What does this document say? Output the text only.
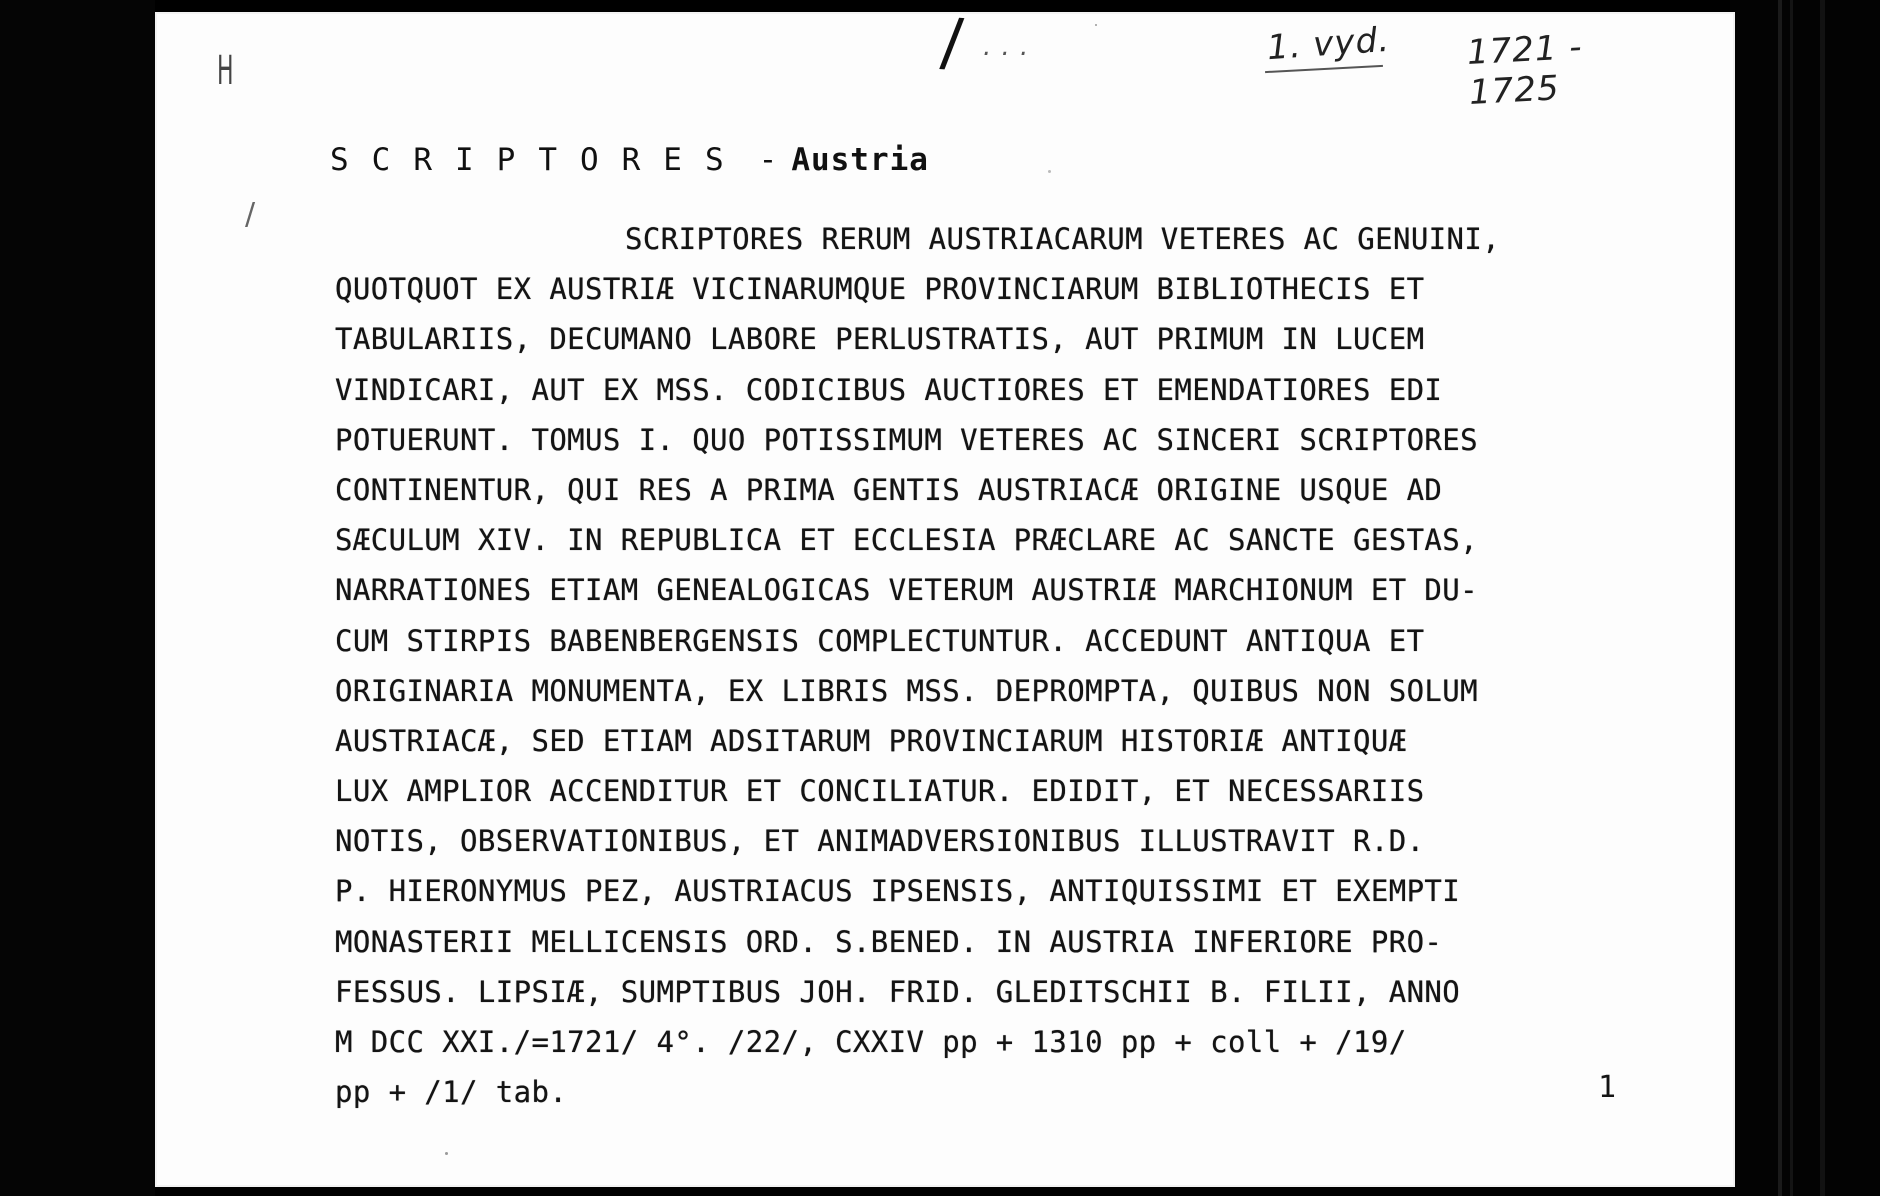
H
/
/ . . .	1. vyd. 1721 -
1725
SCRIPTORES - Austria
SCRIPTORES RERUM AUSTRIACARUM VETERES AC GENUINI,
QUOTQUOT EX AUSTRIÆ VICINARUMQUE PROVINCIARUM BIBLIOTHECIS ET
TABULARIIS, DECUMANO LABORE PERLUSTRATIS, AUT PRIMUM IN LUCEM
VINDICARI, AUT EX MSS. CODICIBUS AUCTIORES ET EMENDATIORES EDI
POTUERUNT. TOMUS I. QUO POTISSIMUM VETERES AC SINCERI SCRIPTORES
CONTINENTUR, QUI RES A PRIMA GENTIS AUSTRIACÆ ORIGINE USQUE AD
SÆCULUM XIV. IN REPUBLICA ET ECCLESIA PRÆCLARE AC SANCTE GESTAS,
NARRATIONES ETIAM GENEALOGICAS VETERUM AUSTRIÆ MARCHIONUM ET DU-
CUM STIRPIS BABENBERGENSIS COMPLECTUNTUR. ACCEDUNT ANTIQUA ET
ORIGINARIA MONUMENTA, EX LIBRIS MSS. DEPROMPTA, QUIBUS NON SOLUM
AUSTRIACÆ, SED ETIAM ADSITARUM PROVINCIARUM HISTORIÆ ANTIQUÆ
LUX AMPLIOR ACCENDITUR ET CONCILIATUR. EDIDIT, ET NECESSARIIS
NOTIS, OBSERVATIONIBUS, ET ANIMADVERSIONIBUS ILLUSTRAVIT R.D.
P. HIERONYMUS PEZ, AUSTRIACUS IPSENSIS, ANTIQUISSIMI ET EXEMPTI
MONASTERII MELLICENSIS ORD. S.BENED. IN AUSTRIA INFERIORE PRO-
FESSUS. LIPSIÆ, SUMPTIBUS JOH. FRID. GLEDITSCHII B. FILII, ANNO
M DCC XXI./=1721/ 4°. /22/, CXXIV pp + 1310 pp + coll + /19/
pp + /1/ tab.	1
